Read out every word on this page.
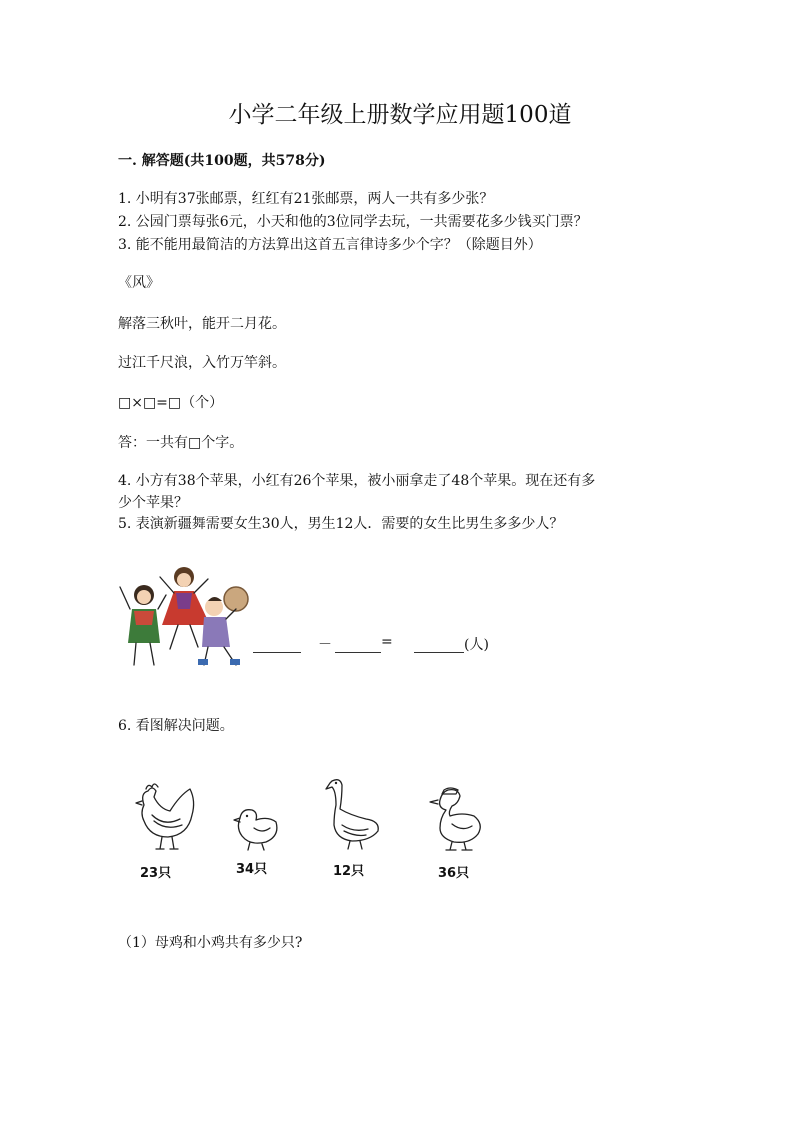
小学二年级上册数学应用题100道
一. 解答题(共100题，共578分)
1. 小明有37张邮票，红红有21张邮票，两人一共有多少张？
2. 公园门票每张6元，小天和他的3位同学去玩，一共需要花多少钱买门票？
3. 能不能用最简洁的方法算出这首五言律诗多少个字？（除题目外）
《风》
解落三秋叶，能开二月花。
过江千尺浪，入竹万竿斜。
□×□=□（个）
答：一共有□个字。
4. 小方有38个苹果，小红有26个苹果，被小丽拿走了48个苹果。现在还有多
少个苹果？
5. 表演新疆舞需要女生30人，男生12人．需要的女生比男生多多少人？
－	=	(人)
6. 看图解决问题。
23只	34只	12只	36只
（1）母鸡和小鸡共有多少只?
